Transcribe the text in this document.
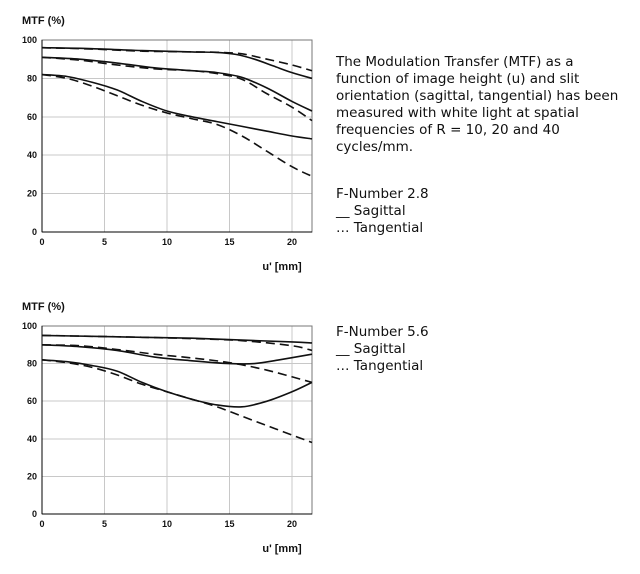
MTF (%)
0
20
40
60
80
100
0	5	10	15	20
u' [mm]
MTF (%)
0
20
40
60
80
100
0	5	10	15	20
u' [mm]
The Modulation Transfer (MTF) as a
function of image height (u) and slit
orientation (sagittal, tangential) has been
measured with white light at spatial
frequencies of R = 10, 20 and 40
cycles/mm.
F-Number 2.8
__ Sagittal
… Tangential
F-Number 5.6
__ Sagittal
… Tangential
